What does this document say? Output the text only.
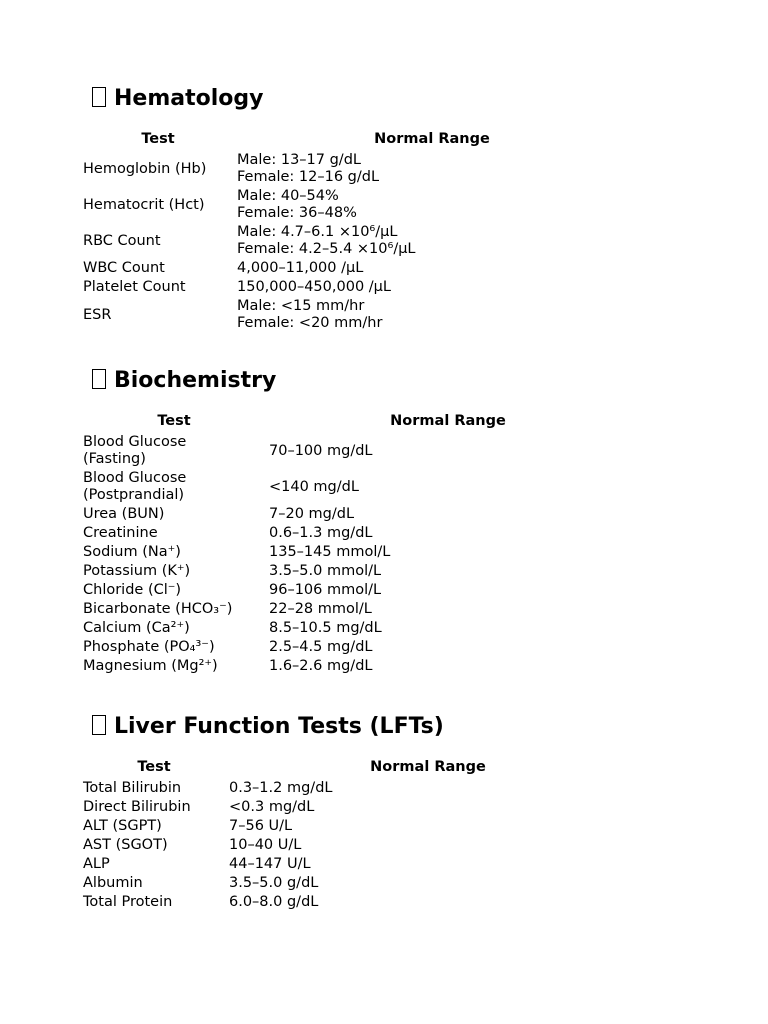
Hematology
Test	Normal Range
Hemoglobin (Hb)	Male: 13–17 g/dL
Female: 12–16 g/dL

Hematocrit (Hct)	Male: 40–54%
Female: 36–48%

RBC Count	Male: 4.7–6.1 ×10⁶/µL
Female: 4.2–5.4 ×10⁶/µL

WBC Count	4,000–11,000 /µL

Platelet Count	150,000–450,000 /µL

ESR	Male: <15 mm/hr
Female: <20 mm/hr
Biochemistry
Test	Normal Range

Blood Glucose
(Fasting)	70–100 mg/dL

Blood Glucose
(Postprandial)	<140 mg/dL

Urea (BUN)	7–20 mg/dL

Creatinine	0.6–1.3 mg/dL

Sodium (Na⁺)	135–145 mmol/L

Potassium (K⁺)	3.5–5.0 mmol/L

Chloride (Cl⁻)	96–106 mmol/L

Bicarbonate (HCO₃⁻)	22–28 mmol/L

Calcium (Ca²⁺)	8.5–10.5 mg/dL

Phosphate (PO₄³⁻)	2.5–4.5 mg/dL

Magnesium (Mg²⁺)	1.6–2.6 mg/dL
Liver Function Tests (LFTs)
Test	Normal Range
Total Bilirubin	0.3–1.2 mg/dL

Direct Bilirubin	<0.3 mg/dL

ALT (SGPT)	7–56 U/L

AST (SGOT)	10–40 U/L

ALP	44–147 U/L

Albumin	3.5–5.0 g/dL

Total Protein	6.0–8.0 g/dL
